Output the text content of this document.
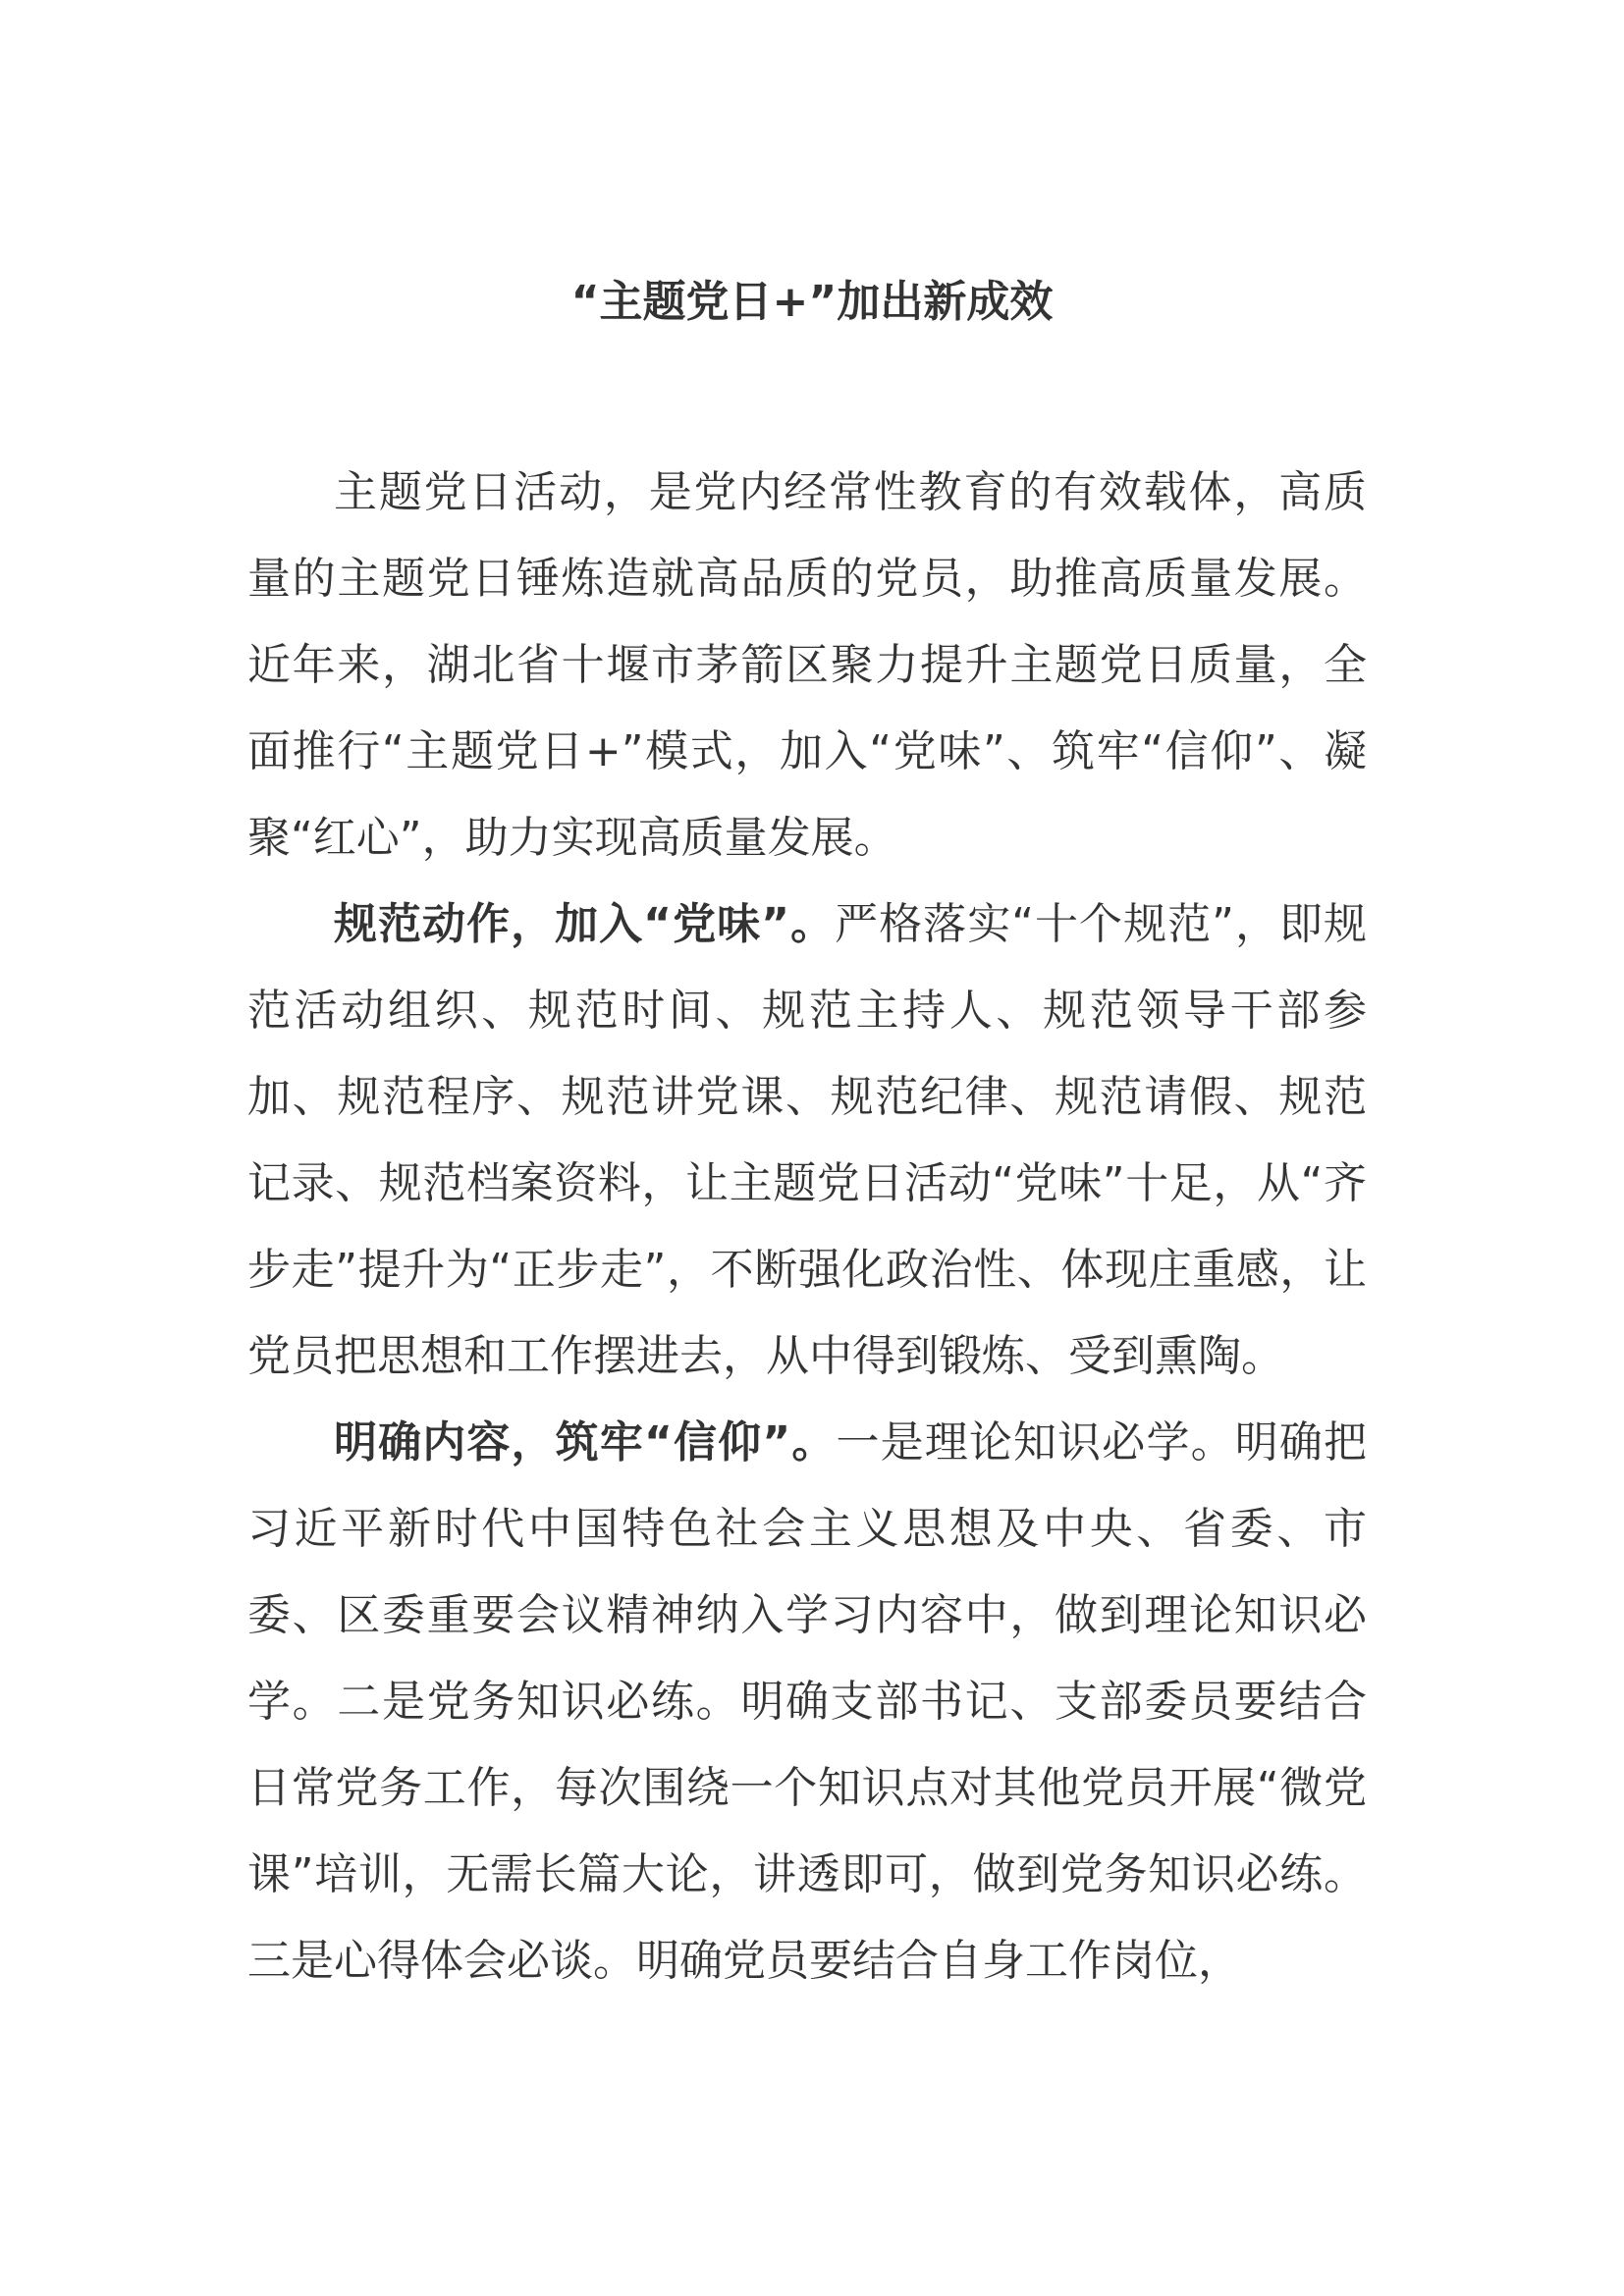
“主题党日+”加出新成效

主题党日活动，是党内经常性教育的有效载体，高质量的主题党日锤炼造就高品质的党员，助推高质量发展。近年来，湖北省十堰市茅箭区聚力提升主题党日质量，全面推行“主题党日+”模式，加入“党味”、筑牢“信仰”、凝聚“红心”，助力实现高质量发展。

规范动作，加入“党味”。严格落实“十个规范”，即规范活动组织、规范时间、规范主持人、规范领导干部参加、规范程序、规范讲党课、规范纪律、规范请假、规范记录、规范档案资料，让主题党日活动“党味”十足，从“齐步走”提升为“正步走”，不断强化政治性、体现庄重感，让党员把思想和工作摆进去，从中得到锻炼、受到熏陶。

明确内容，筑牢“信仰”。一是理论知识必学。明确把习近平新时代中国特色社会主义思想及中央、省委、市委、区委重要会议精神纳入学习内容中，做到理论知识必学。二是党务知识必练。明确支部书记、支部委员要结合日常党务工作，每次围绕一个知识点对其他党员开展“微党课”培训，无需长篇大论，讲透即可，做到党务知识必练。三是心得体会必谈。明确党员要结合自身工作岗位，
